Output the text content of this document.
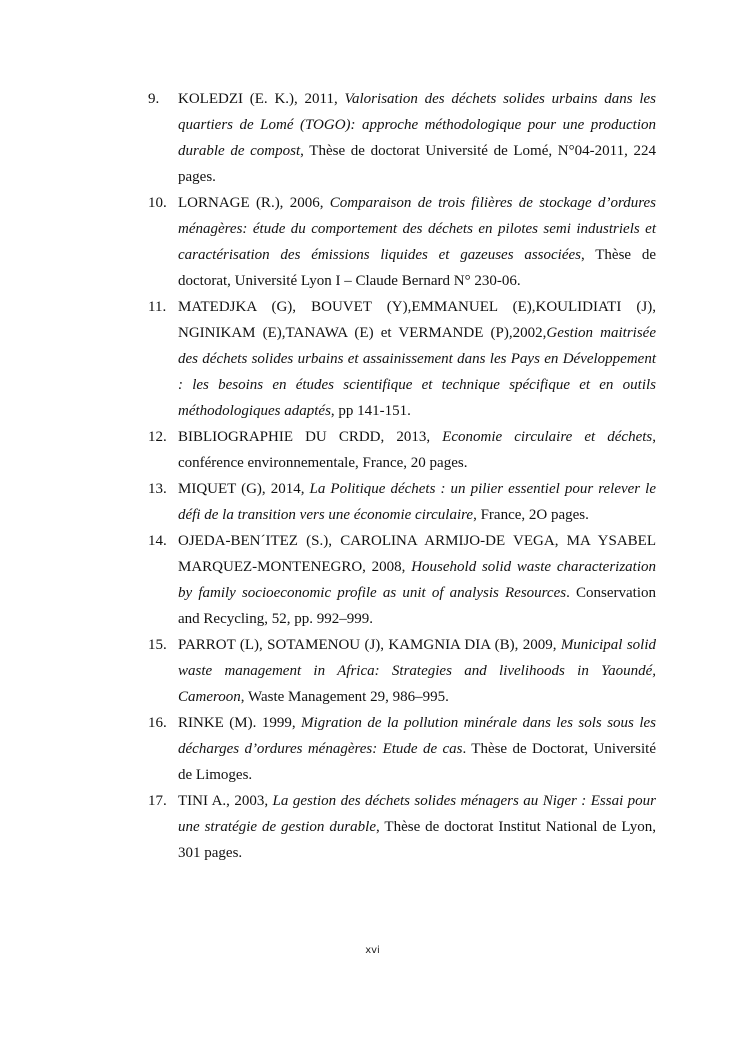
9. KOLEDZI (E. K.), 2011, Valorisation des déchets solides urbains dans les quartiers de Lomé (TOGO): approche méthodologique pour une production durable de compost, Thèse de doctorat Université de Lomé, N°04-2011, 224 pages.
10. LORNAGE (R.), 2006, Comparaison de trois filières de stockage d’ordures ménagères: étude du comportement des déchets en pilotes semi industriels et caractérisation des émissions liquides et gazeuses associées, Thèse de doctorat, Université Lyon I – Claude Bernard N° 230-06.
11. MATEDJKA (G), BOUVET (Y),EMMANUEL (E),KOULIDIATI (J), NGINIKAM (E),TANAWA (E) et VERMANDE (P),2002,Gestion maitrisée des déchets solides urbains et assainissement dans les Pays en Développement : les besoins en études scientifique et technique spécifique et en outils méthodologiques adaptés, pp 141-151.
12. BIBLIOGRAPHIE DU CRDD, 2013, Economie circulaire et déchets, conférence environnementale, France, 20 pages.
13. MIQUET (G), 2014, La Politique déchets : un pilier essentiel pour relever le défi de la transition vers une économie circulaire, France, 2O pages.
14. OJEDA-BEN´ITEZ (S.), CAROLINA ARMIJO-DE VEGA, MA YSABEL MARQUEZ-MONTENEGRO, 2008, Household solid waste characterization by family socioeconomic profile as unit of analysis Resources. Conservation and Recycling, 52, pp. 992–999.
15. PARROT (L), SOTAMENOU (J), KAMGNIA DIA (B), 2009, Municipal solid waste management in Africa: Strategies and livelihoods in Yaoundé, Cameroon, Waste Management 29, 986–995.
16. RINKE (M). 1999, Migration de la pollution minérale dans les sols sous les décharges d’ordures ménagères: Etude de cas. Thèse de Doctorat, Université de Limoges.
17. TINI A., 2003, La gestion des déchets solides ménagers au Niger : Essai pour une stratégie de gestion durable, Thèse de doctorat Institut National de Lyon, 301 pages.
xvi
